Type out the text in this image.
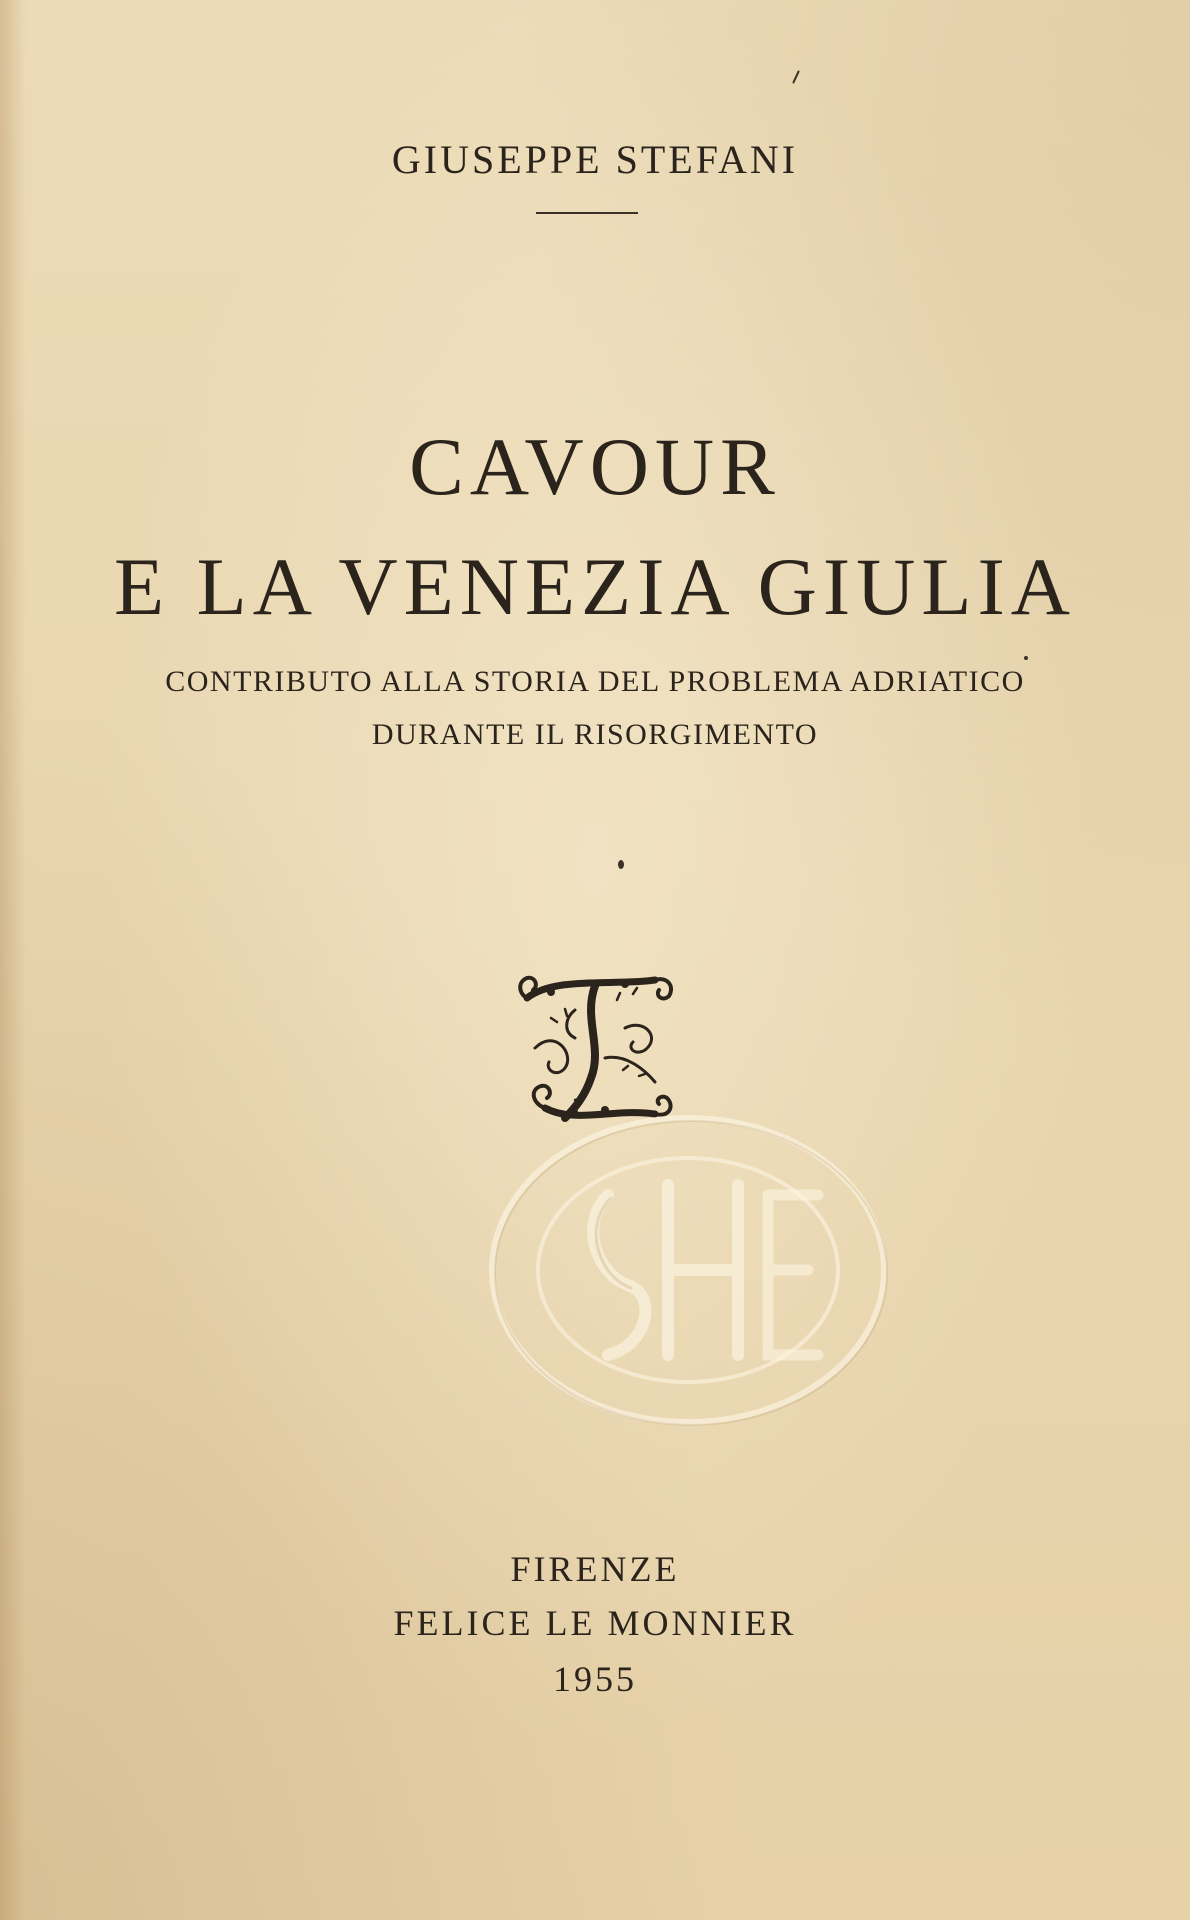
GIUSEPPE STEFANI
CAVOUR
E LA VENEZIA GIULIA
CONTRIBUTO ALLA STORIA DEL PROBLEMA ADRIATICO
DURANTE IL RISORGIMENTO
FIRENZE
FELICE LE MONNIER
1955
